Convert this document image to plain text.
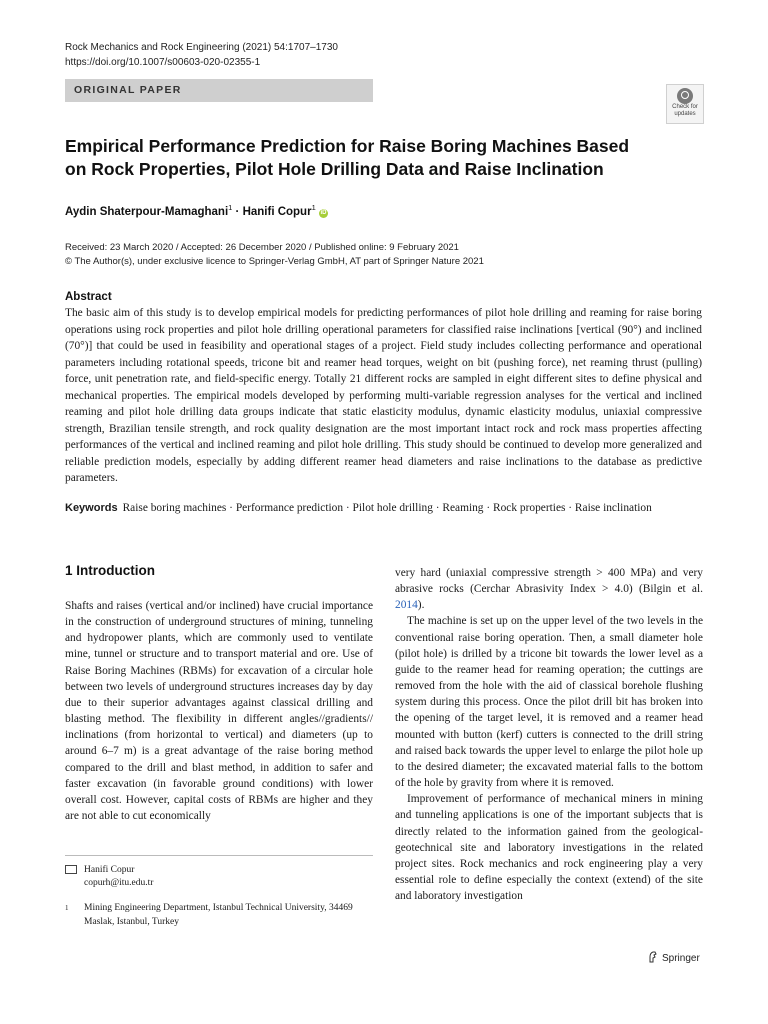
Rock Mechanics and Rock Engineering (2021) 54:1707–1730
https://doi.org/10.1007/s00603-020-02355-1
ORIGINAL PAPER
Check for
updates
Empirical Performance Prediction for Raise Boring Machines Based
on Rock Properties, Pilot Hole Drilling Data and Raise Inclination
Aydin Shaterpour-Mamaghani$^1$ · Hanifi Copur$^1$ iD
Received: 23 March 2020 / Accepted: 26 December 2020 / Published online: 9 February 2021
© The Author(s), under exclusive licence to Springer-Verlag GmbH, AT part of Springer Nature 2021
Abstract
The basic aim of this study is to develop empirical models for predicting performances of pilot hole drilling and reaming for raise boring operations using rock properties and pilot hole drilling operational parameters for classified raise inclinations [vertical (90°) and inclined (70°)] that could be used in feasibility and operational stages of a project. Field study includes collecting performance and operational parameters including rotational speeds, tricone bit and reamer head torques, weight on bit (pushing force), net reaming thrust (pulling) force, unit penetration rate, and field-specific energy. Totally 21 different rocks are sampled in eight different sites to define physical and mechanical properties. The empirical models developed by performing multi-variable regression analyses for the vertical and inclined reaming and pilot hole drilling data groups indicate that static elasticity modulus, dynamic elasticity modulus, uniaxial compressive strength, Brazilian tensile strength, and rock quality designation are the most important intact rock and rock mass properties affecting performances of the vertical and inclined reaming and pilot hole drilling. This study should be continued to develop more generalized and reliable prediction models, especially by adding different reamer head diameters and raise inclinations to the database as predictive parameters.
Keywords Raise boring machines · Performance prediction · Pilot hole drilling · Reaming · Rock properties · Raise inclination
1 Introduction

Shafts and raises (vertical and/or inclined) have crucial importance in the construction of underground structures of mining, tunneling and hydropower plants, which are commonly used to ventilate mine, tunnel or structure and to transport material and ore. Use of Raise Boring Machines (RBMs) for excavation of a circular hole between two levels of underground structures increases day by day due to their superior advantages against classical drilling and blasting method. The flexibility in different angles//gradients// inclinations (from horizontal to vertical) and diameters (up to around 6–7 m) is a great advantage of the raise boring method compared to the drill and blast method, in addition to safer and faster excavation (in favorable ground conditions) with lower overall cost. However, capital costs of RBMs are higher and they are not able to cut economically

very hard (uniaxial compressive strength > 400 MPa) and very abrasive rocks (Cerchar Abrasivity Index > 4.0) (Bilgin et al. 2014).

The machine is set up on the upper level of the two levels in the conventional raise boring operation. Then, a small diameter hole (pilot hole) is drilled by a tricone bit towards the lower level as a guide to the reamer head for reaming operation; the cuttings are removed from the hole with the aid of classical borehole flushing system during this process. Once the pilot drill bit has broken into the opening of the target level, it is removed and a reamer head mounted with button (kerf) cutters is connected to the drill string and raised back towards the upper level to enlarge the pilot hole up to the desired diameter; the excavated material falls to the bottom of the hole by gravity from where it is removed.

Improvement of performance of mechanical miners in mining and tunneling applications is one of the important subjects that is directly related to the information gained from the geological-geotechnical site and laboratory investigations in the related project sites. Rock mechanics and rock engineering play a very essential role to define especially the context (extend) of the site and laboratory investigation

Hanifi Copur
copurh@itu.edu.tr
1 Mining Engineering Department, Istanbul Technical University, 34469 Maslak, Istanbul, Turkey
Springer
